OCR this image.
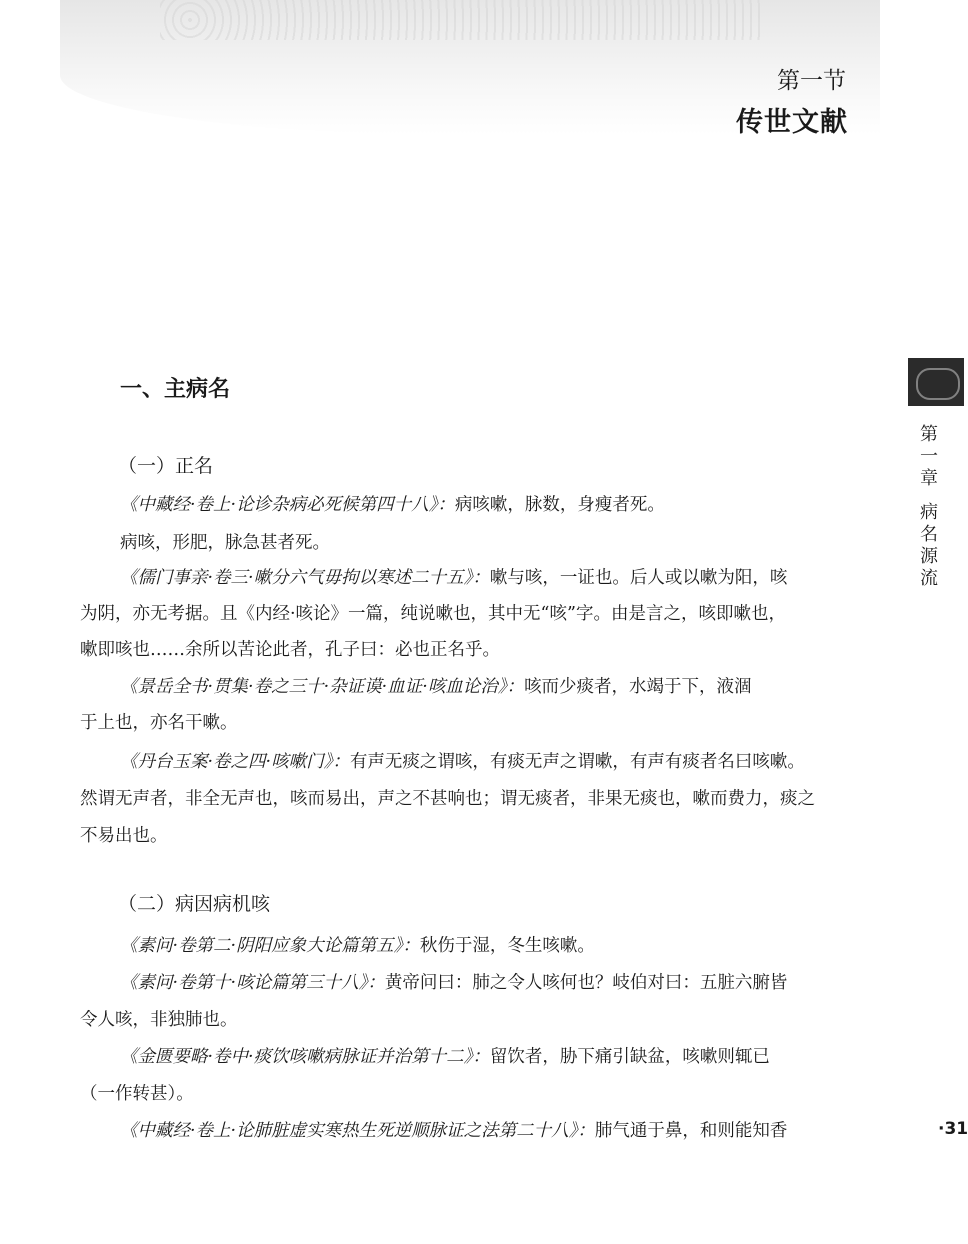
第一节
传世文献
第一章
病名源流
一、主病名
（一）正名
《中藏经·卷上·论诊杂病必死候第四十八》：病咳嗽，脉数，身瘦者死。
病咳，形肥，脉急甚者死。
《儒门事亲·卷三·嗽分六气毋拘以寒述二十五》：嗽与咳，一证也。后人或以嗽为阳，咳
为阴，亦无考据。且《内经·咳论》一篇，纯说嗽也，其中无“咳”字。由是言之，咳即嗽也，
嗽即咳也……余所以苦论此者，孔子曰：必也正名乎。
《景岳全书·贯集·卷之三十·杂证谟·血证·咳血论治》：咳而少痰者，水竭于下，液涸
于上也，亦名干嗽。
《丹台玉案·卷之四·咳嗽门》：有声无痰之谓咳，有痰无声之谓嗽，有声有痰者名曰咳嗽。
然谓无声者，非全无声也，咳而易出，声之不甚响也；谓无痰者，非果无痰也，嗽而费力，痰之
不易出也。
（二）病因病机咳
《素问·卷第二·阴阳应象大论篇第五》：秋伤于湿，冬生咳嗽。
《素问·卷第十·咳论篇第三十八》：黄帝问曰：肺之令人咳何也？岐伯对曰：五脏六腑皆
令人咳，非独肺也。
《金匮要略·卷中·痰饮咳嗽病脉证并治第十二》：留饮者，胁下痛引缺盆，咳嗽则辄已
（一作转甚）。
《中藏经·卷上·论肺脏虚实寒热生死逆顺脉证之法第二十八》：肺气通于鼻，和则能知香	·31
